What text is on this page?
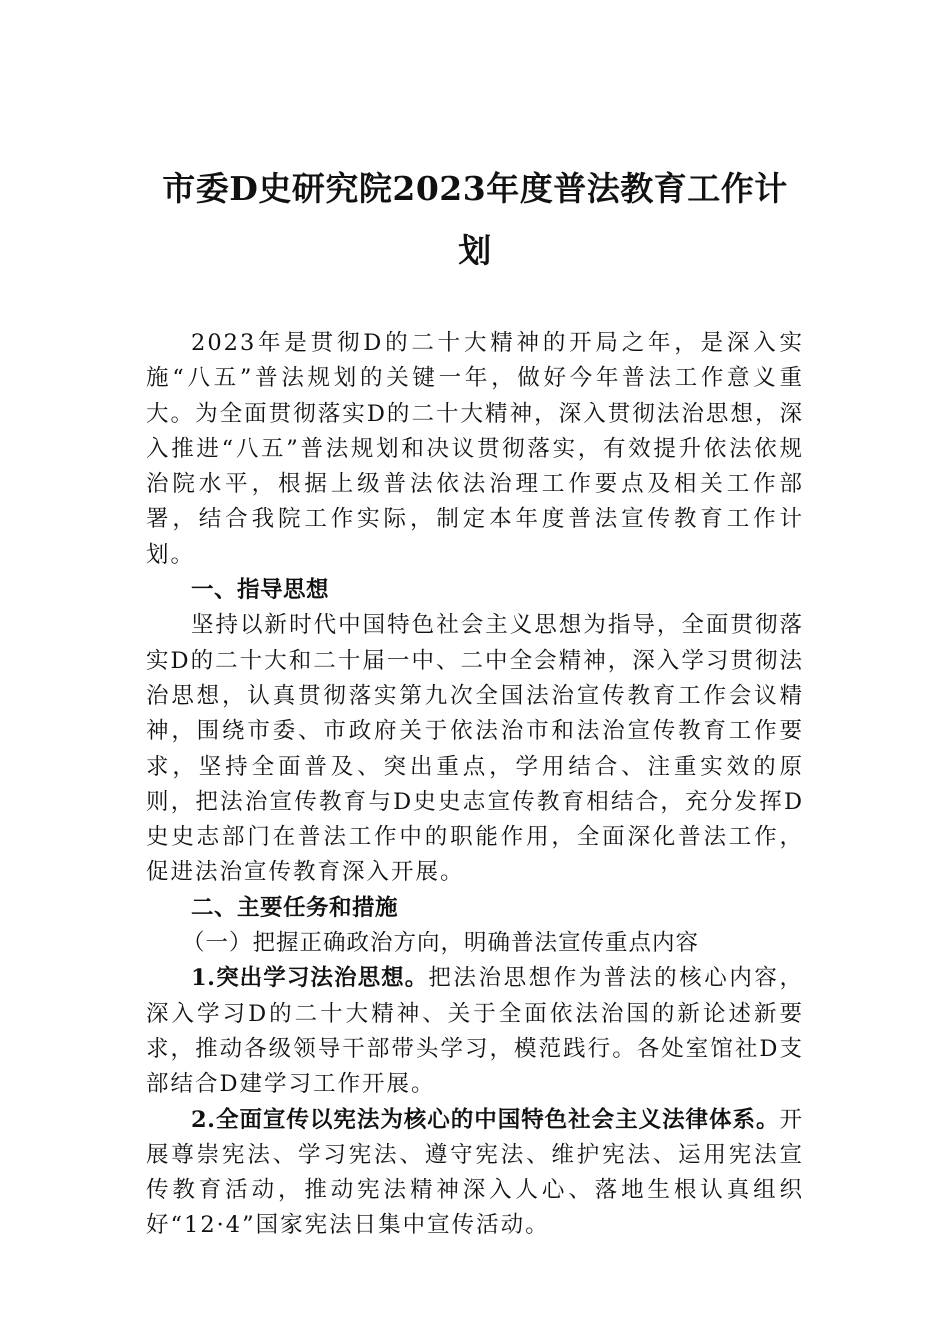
市委D史研究院2023年度普法教育工作计划

2023年是贯彻D的二十大精神的开局之年，是深入实施“八五”普法规划的关键一年，做好今年普法工作意义重大。为全面贯彻落实D的二十大精神，深入贯彻法治思想，深入推进“八五”普法规划和决议贯彻落实，有效提升依法依规治院水平，根据上级普法依法治理工作要点及相关工作部署，结合我院工作实际，制定本年度普法宣传教育工作计划。

一、指导思想

坚持以新时代中国特色社会主义思想为指导，全面贯彻落实D的二十大和二十届一中、二中全会精神，深入学习贯彻法治思想，认真贯彻落实第九次全国法治宣传教育工作会议精神，围绕市委、市政府关于依法治市和法治宣传教育工作要求，坚持全面普及、突出重点，学用结合、注重实效的原则，把法治宣传教育与D史史志宣传教育相结合，充分发挥D史史志部门在普法工作中的职能作用，全面深化普法工作，促进法治宣传教育深入开展。

二、主要任务和措施

（一）把握正确政治方向，明确普法宣传重点内容

1.突出学习法治思想。把法治思想作为普法的核心内容，深入学习D的二十大精神、关于全面依法治国的新论述新要求，推动各级领导干部带头学习，模范践行。各处室馆社D支部结合D建学习工作开展。

2.全面宣传以宪法为核心的中国特色社会主义法律体系。开展尊崇宪法、学习宪法、遵守宪法、维护宪法、运用宪法宣传教育活动，推动宪法精神深入人心、落地生根认真组织好“12·4”国家宪法日集中宣传活动。
